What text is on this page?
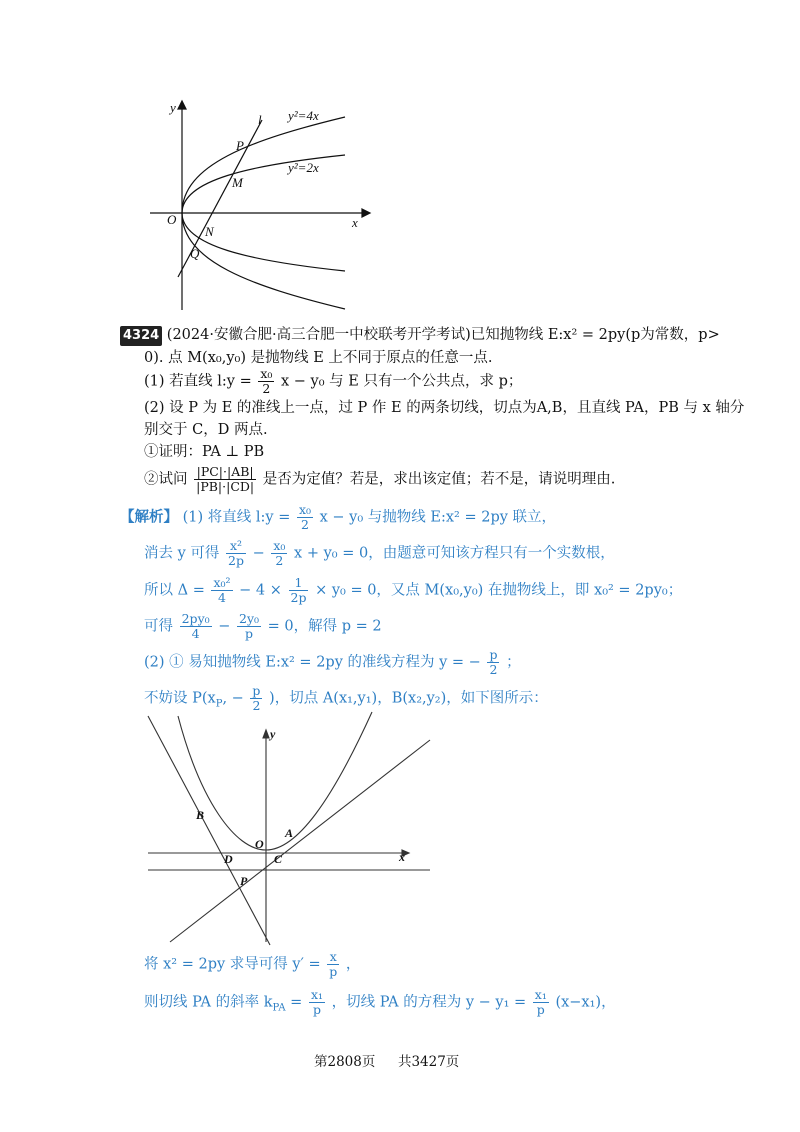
y
l y²=4x
P
y²=2x
M
O	x
N
Q
4324 (2024·安徽合肥·高三合肥一中校联考开学考试)已知抛物线 E:x² = 2py(p为常数，p>
0). 点 M(x₀,y₀) 是抛物线 E 上不同于原点的任意一点.
(1) 若直线 l:y = $\frac{\text{x₀}}{2}$ x − y₀ 与 E 只有一个公共点，求 p；
(2) 设 P 为 E 的准线上一点，过 P 作 E 的两条切线，切点为A,B，且直线 PA，PB 与 x 轴分
别交于 C，D 两点.
①证明：PA ⊥ PB
②试问 $\frac{|PC|\cdot|AB|}{|PB|\cdot|CD|}$ 是否为定值？若是，求出该定值；若不是，请说明理由.
【解析】 (1) 将直线 l:y = $\frac{\text{x₀}}{2}$ x − y₀ 与抛物线 E:x² = 2py 联立，
消去 y 可得 $\frac{\text{x²}}{2p} - \frac{\text{x₀}}{2}$ x + y₀ = 0，由题意可知该方程只有一个实数根，
所以 $\Delta = \frac{\text{x₀²}}{4} - 4 \times \frac{1}{2p} \times y_0 = 0$，又点 M(x₀,y₀) 在抛物线上，即 x₀² = 2py₀；
可得 $\frac{\text{2py₀}}{4} - \frac{\text{2y₀}}{p} = 0$，解得 p = 2
(2) ① 易知抛物线 E:x² = 2py 的准线方程为 y = − $\frac{p}{2}$ ；
不妨设 $P(x_P$, − $\frac{p}{2}$ )，切点 A(x₁,y₁)，B(x₂,y₂)，如下图所示：
y
B
A
O
D	C	x
P
将 x² = 2py 求导可得 $y' = \frac{x}{p}$ ，
则切线 PA 的斜率 $k_{PA} = \frac{\text{x₁}}{p}$ ，切线 PA 的方程为 $y - y_1 = \frac{\text{x₁}}{p} (x-x_1)$，
第2808页 共3427页
